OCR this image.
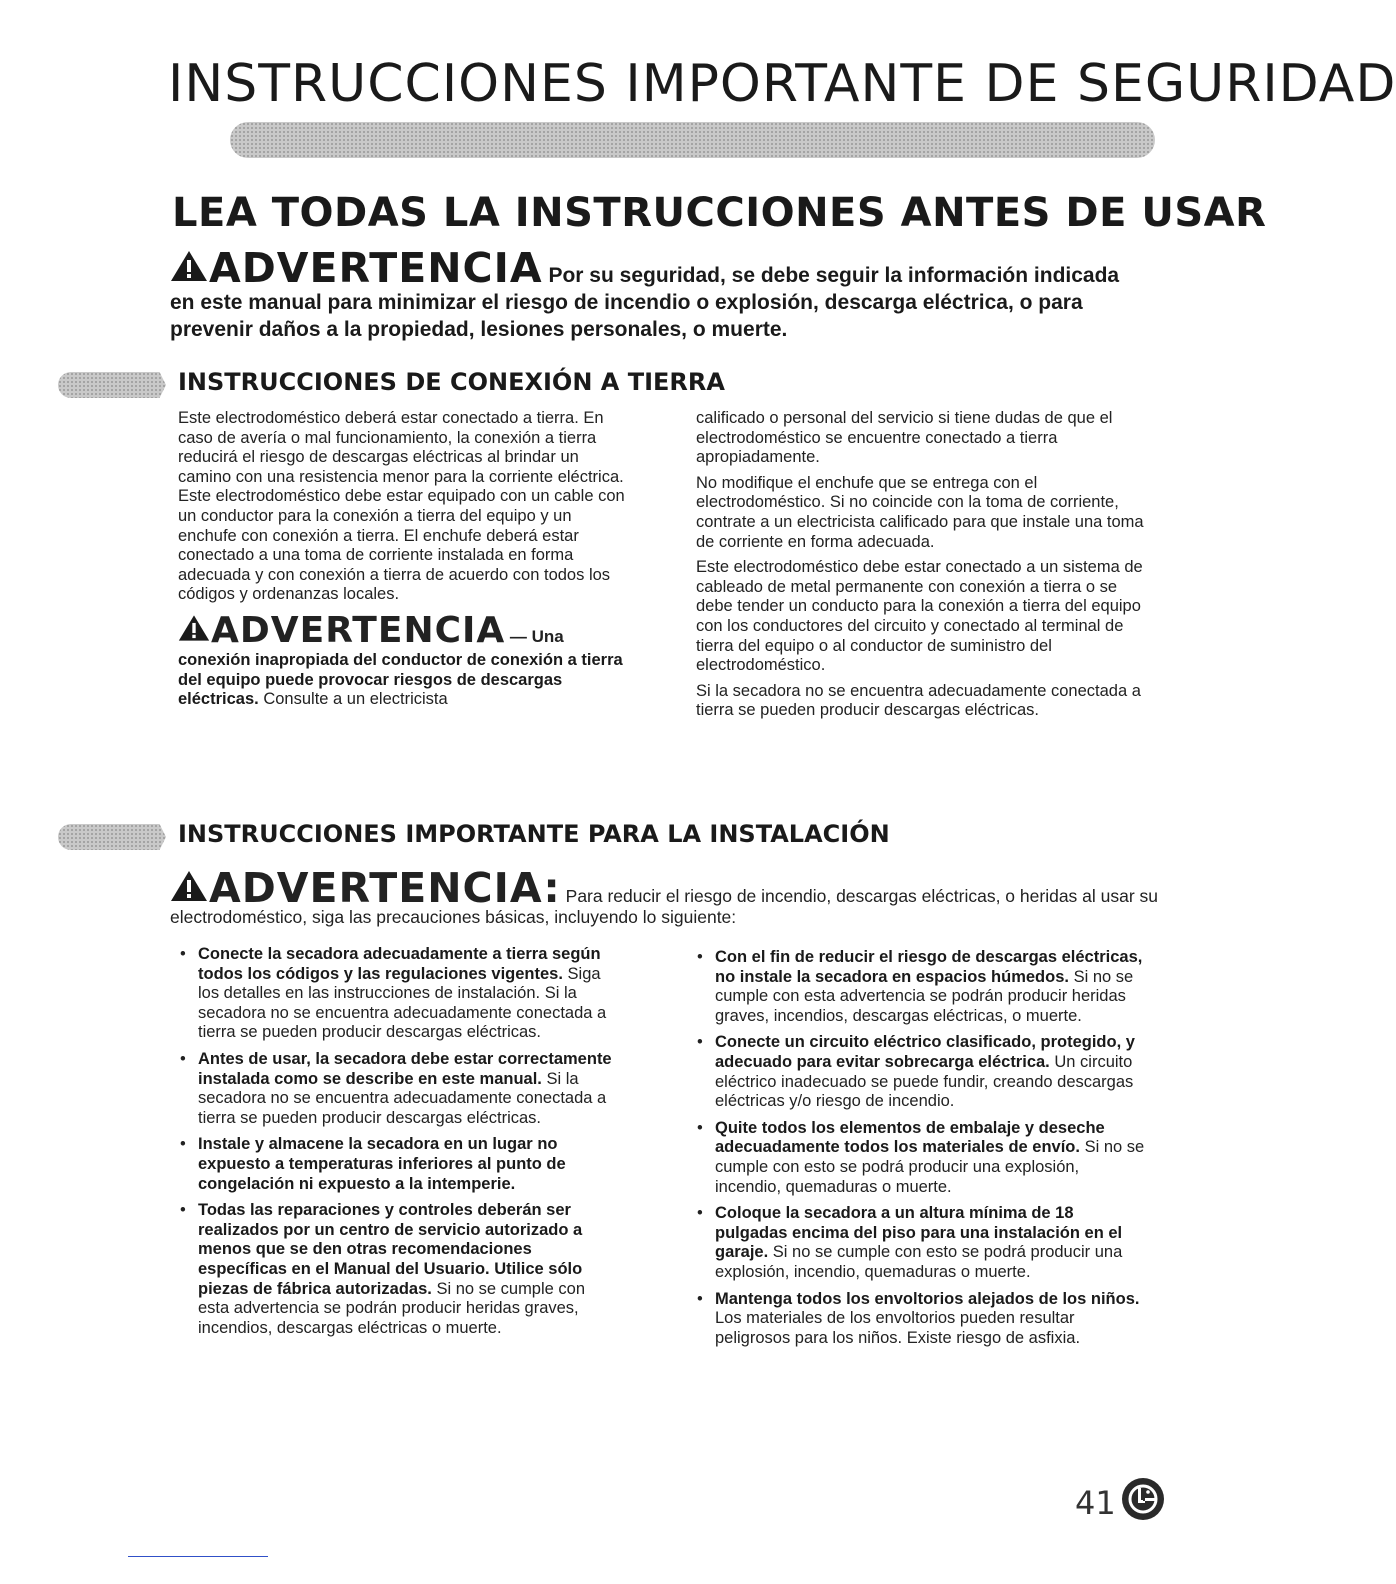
INSTRUCCIONES IMPORTANTE DE SEGURIDAD
LEA TODAS LA INSTRUCCIONES ANTES DE USAR
ADVERTENCIA Por su seguridad, se debe seguir la información indicada en este manual para minimizar el riesgo de incendio o explosión, descarga eléctrica, o para prevenir daños a la propiedad, lesiones personales, o muerte.
INSTRUCCIONES DE CONEXIÓN A TIERRA

Este electrodoméstico deberá estar conectado a tierra. En caso de avería o mal funcionamiento, la conexión a tierra reducirá el riesgo de descargas eléctricas al brindar un camino con una resistencia menor para la corriente eléctrica. Este electrodoméstico debe estar equipado con un cable con un conductor para la conexión a tierra del equipo y un enchufe con conexión a tierra. El enchufe deberá estar conectado a una toma de corriente instalada en forma adecuada y con conexión a tierra de acuerdo con todos los códigos y ordenanzas locales.

ADVERTENCIA — Una
conexión inapropiada del conductor de conexión a tierra del equipo puede provocar riesgos de descargas eléctricas. Consulte a un electricista

calificado o personal del servicio si tiene dudas de que el electrodoméstico se encuentre conectado a tierra apropiadamente.

No modifique el enchufe que se entrega con el electrodoméstico. Si no coincide con la toma de corriente, contrate a un electricista calificado para que instale una toma de corriente en forma adecuada.

Este electrodoméstico debe estar conectado a un sistema de cableado de metal permanente con conexión a tierra o se debe tender un conducto para la conexión a tierra del equipo con los conductores del circuito y conectado al terminal de tierra del equipo o al conductor de suministro del electrodoméstico.

Si la secadora no se encuentra adecuadamente conectada a tierra se pueden producir descargas eléctricas.

INSTRUCCIONES IMPORTANTE PARA LA INSTALACIÓN
ADVERTENCIA: Para reducir el riesgo de incendio, descargas eléctricas, o heridas al usar su electrodoméstico, siga las precauciones básicas, incluyendo lo siguiente:
• Conecte la secadora adecuadamente a tierra según todos los códigos y las regulaciones vigentes. Siga los detalles en las instrucciones de instalación. Si la secadora no se encuentra adecuadamente conectada a tierra se pueden producir descargas eléctricas.
• Antes de usar, la secadora debe estar correctamente instalada como se describe en este manual. Si la secadora no se encuentra adecuadamente conectada a tierra se pueden producir descargas eléctricas.
• Instale y almacene la secadora en un lugar no expuesto a temperaturas inferiores al punto de congelación ni expuesto a la intemperie.
• Todas las reparaciones y controles deberán ser realizados por un centro de servicio autorizado a menos que se den otras recomendaciones específicas en el Manual del Usuario. Utilice sólo piezas de fábrica autorizadas. Si no se cumple con esta advertencia se podrán producir heridas graves, incendios, descargas eléctricas o muerte.
• Con el fin de reducir el riesgo de descargas eléctricas, no instale la secadora en espacios húmedos. Si no se cumple con esta advertencia se podrán producir heridas graves, incendios, descargas eléctricas, o muerte.
• Conecte un circuito eléctrico clasificado, protegido, y adecuado para evitar sobrecarga eléctrica. Un circuito eléctrico inadecuado se puede fundir, creando descargas eléctricas y/o riesgo de incendio.
• Quite todos los elementos de embalaje y deseche adecuadamente todos los materiales de envío. Si no se cumple con esto se podrá producir una explosión, incendio, quemaduras o muerte.
• Coloque la secadora a un altura mínima de 18 pulgadas encima del piso para una instalación en el garaje. Si no se cumple con esto se podrá producir una explosión, incendio, quemaduras o muerte.
• Mantenga todos los envoltorios alejados de los niños. Los materiales de los envoltorios pueden resultar peligrosos para los niños. Existe riesgo de asfixia.
41
